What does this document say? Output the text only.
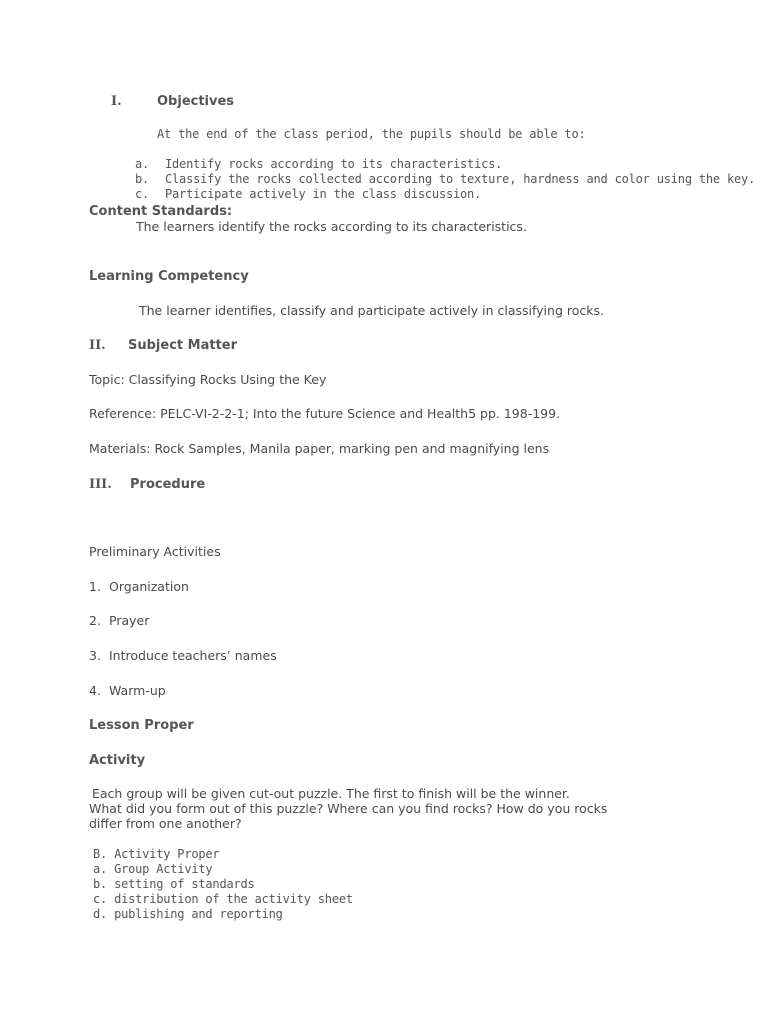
I.	Objectives
At the end of the class period, the pupils should be able to:
a. Identify rocks according to its characteristics.
b. Classify the rocks collected according to texture, hardness and color using the key.
c. Participate actively in the class discussion.
Content Standards:
The learners identify the rocks according to its characteristics.
Learning Competency
The learner identifies, classify and participate actively in classifying rocks.
II. Subject Matter
Topic: Classifying Rocks Using the Key
Reference: PELC-VI-2-2-1; Into the future Science and Health5 pp. 198-199.
Materials: Rock Samples, Manila paper, marking pen and magnifying lens
III. Procedure
Preliminary Activities
1. Organization
2. Prayer
3. Introduce teachers’ names
4. Warm-up
Lesson Proper
Activity
Each group will be given cut-out puzzle. The first to finish will be the winner.
What did you form out of this puzzle? Where can you find rocks? How do you rocks
differ from one another?
B. Activity Proper
a. Group Activity
b. setting of standards
c. distribution of the activity sheet
d. publishing and reporting
